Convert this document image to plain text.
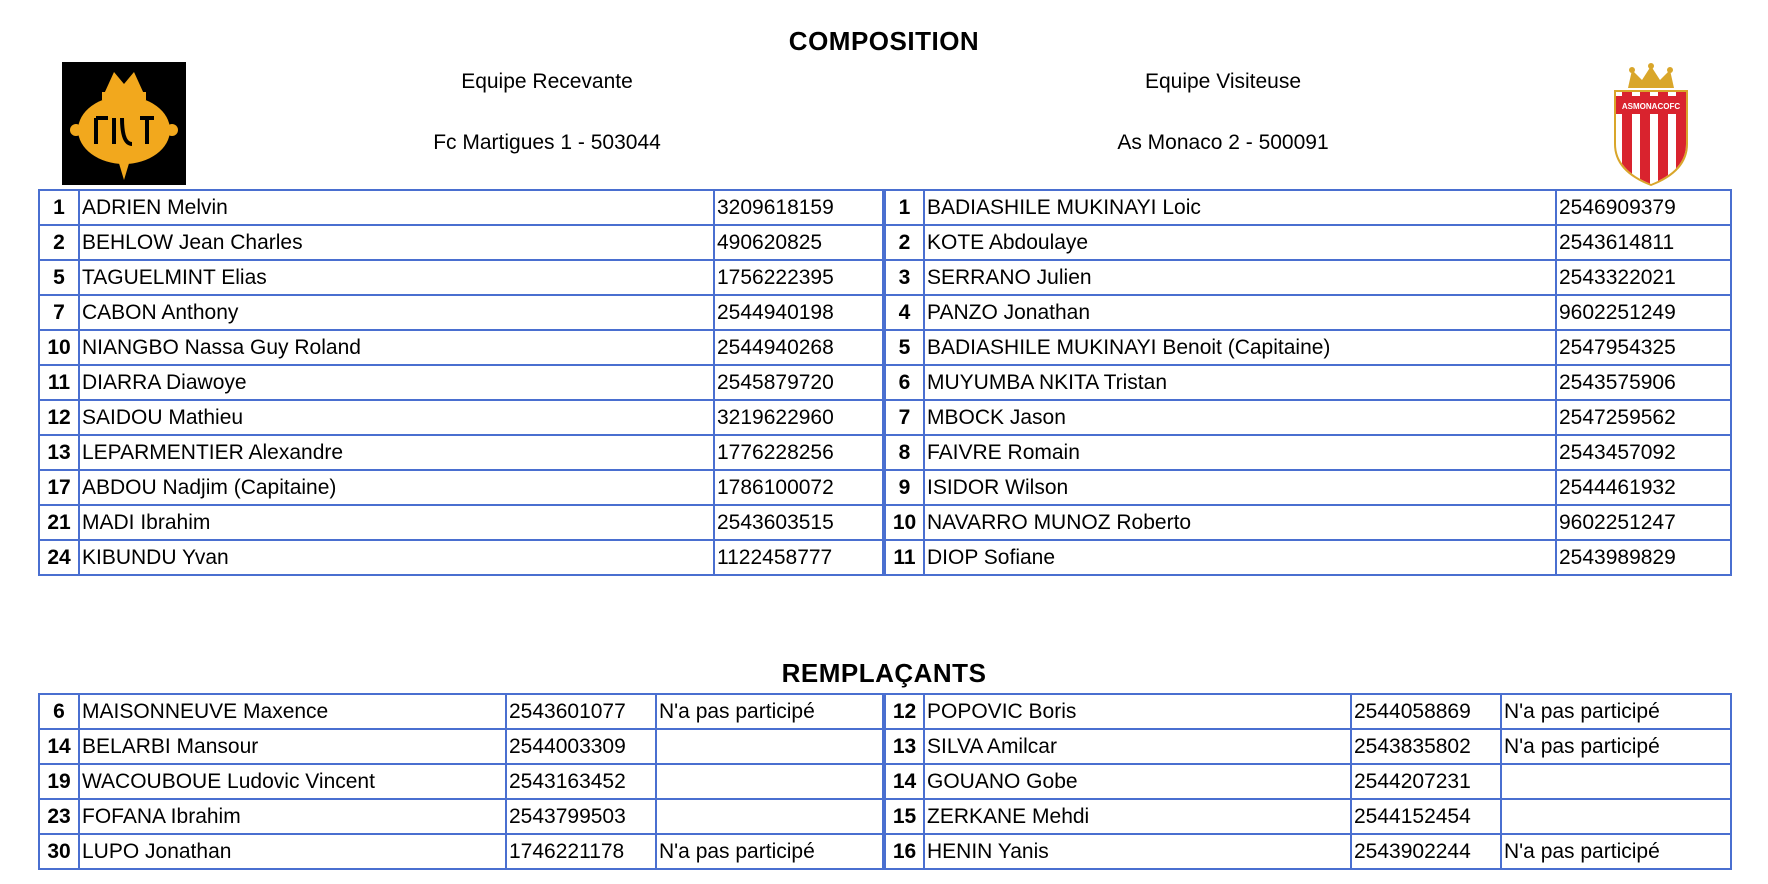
COMPOSITION
Equipe Recevante
Fc Martigues 1 - 503044
Equipe Visiteuse
As Monaco 2 - 500091
ASMONACOFC
1	ADRIEN Melvin	3209618159	1	BADIASHILE MUKINAYI Loic	2546909379
2	BEHLOW Jean Charles	490620825	2	KOTE Abdoulaye	2543614811
5	TAGUELMINT Elias	1756222395	3	SERRANO Julien	2543322021
7	CABON Anthony	2544940198	4	PANZO Jonathan	9602251249
10	NIANGBO Nassa Guy Roland	2544940268	5	BADIASHILE MUKINAYI Benoit (Capitaine)	2547954325
11	DIARRA Diawoye	2545879720	6	MUYUMBA NKITA Tristan	2543575906
12	SAIDOU Mathieu	3219622960	7	MBOCK Jason	2547259562
13	LEPARMENTIER Alexandre	1776228256	8	FAIVRE Romain	2543457092
17	ABDOU Nadjim (Capitaine)	1786100072	9	ISIDOR Wilson	2544461932
21	MADI Ibrahim	2543603515	10	NAVARRO MUNOZ Roberto	9602251247
24	KIBUNDU Yvan	1122458777	11	DIOP Sofiane	2543989829
REMPLAÇANTS
6	MAISONNEUVE Maxence	2543601077	N'a pas participé	12	POPOVIC Boris	2544058869	N'a pas participé
14	BELARBI Mansour	2544003309		13	SILVA Amilcar	2543835802	N'a pas participé
19	WACOUBOUE Ludovic Vincent	2543163452		14	GOUANO Gobe	2544207231	
23	FOFANA Ibrahim	2543799503		15	ZERKANE Mehdi	2544152454	
30	LUPO Jonathan	1746221178	N'a pas participé	16	HENIN Yanis	2543902244	N'a pas participé
